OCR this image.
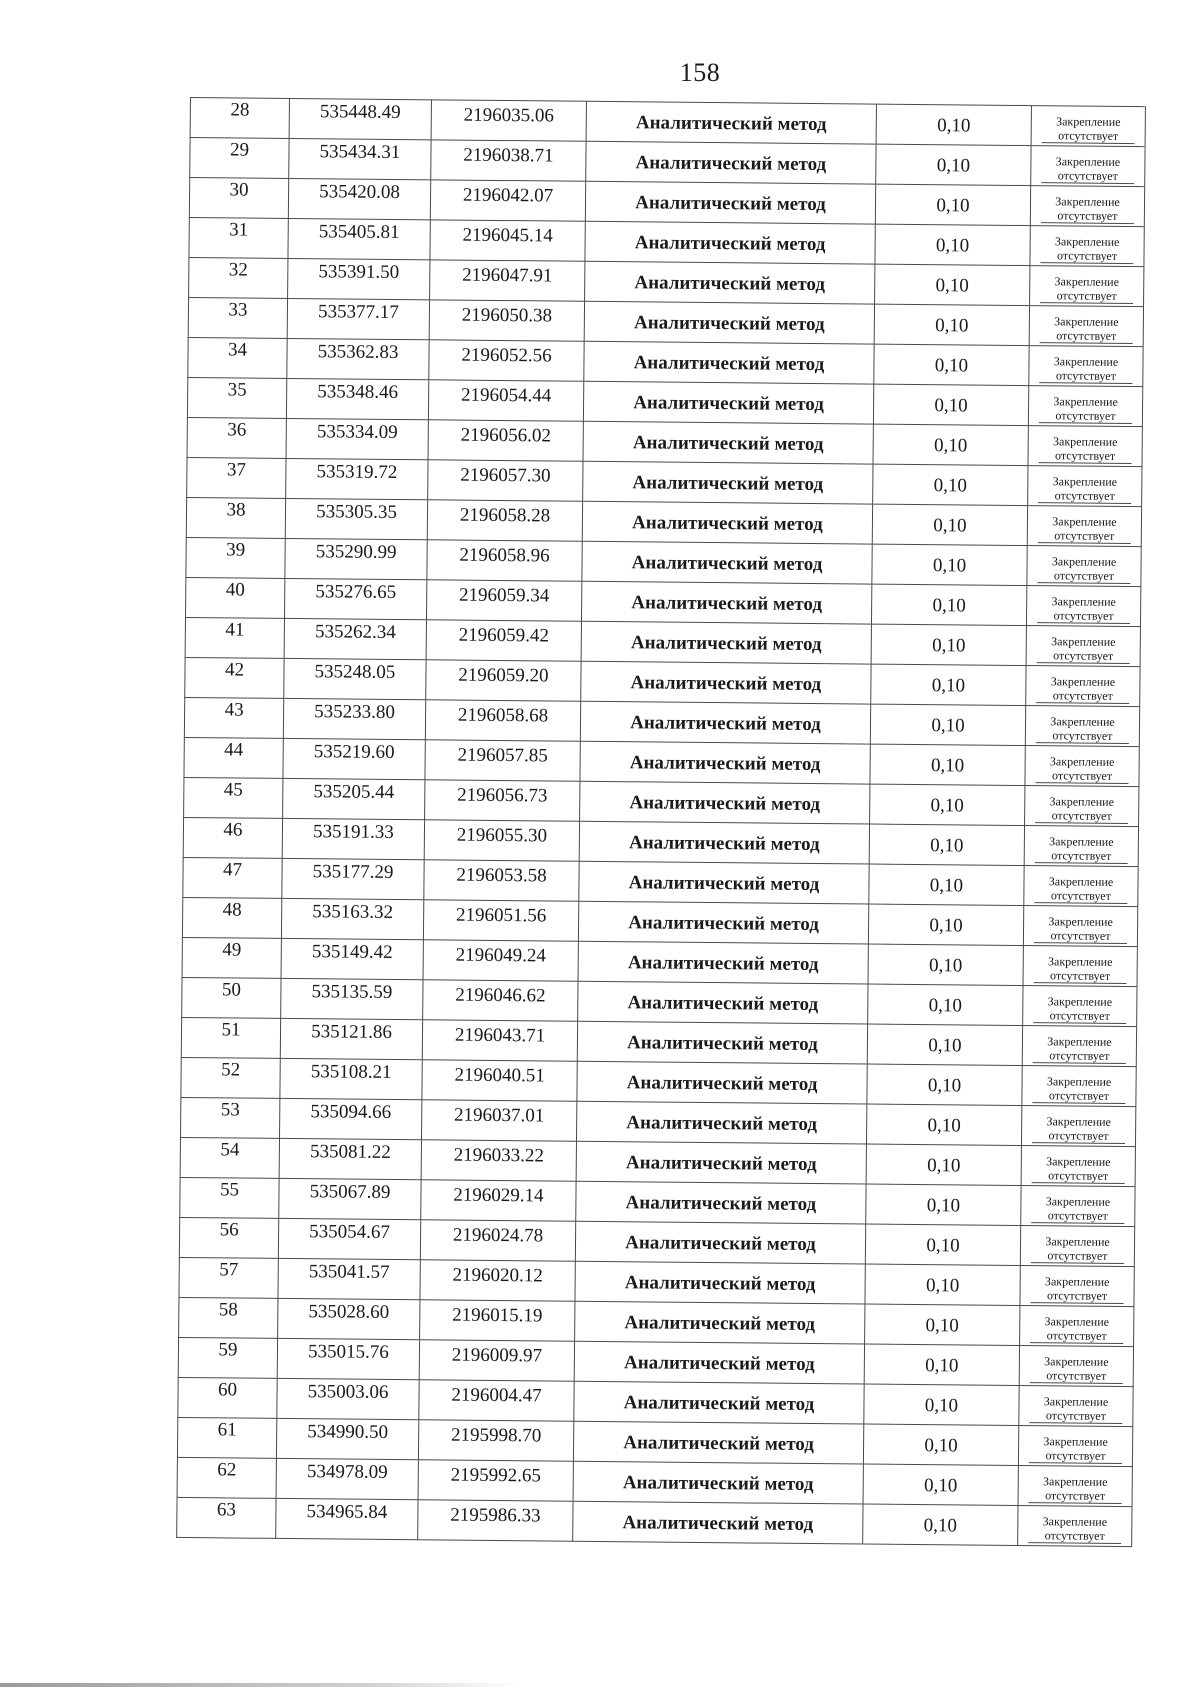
158
28	535448.49	2196035.06	Аналитический метод	0,10	Закрепление
отсутствует

29	535434.31	2196038.71	Аналитический метод	0,10	Закрепление
отсутствует

30	535420.08	2196042.07	Аналитический метод	0,10	Закрепление
отсутствует

31	535405.81	2196045.14	Аналитический метод	0,10	Закрепление
отсутствует

32	535391.50	2196047.91	Аналитический метод	0,10	Закрепление
отсутствует

33	535377.17	2196050.38	Аналитический метод	0,10	Закрепление
отсутствует

34	535362.83	2196052.56	Аналитический метод	0,10	Закрепление
отсутствует

35	535348.46	2196054.44	Аналитический метод	0,10	Закрепление
отсутствует

36	535334.09	2196056.02	Аналитический метод	0,10	Закрепление
отсутствует

37	535319.72	2196057.30	Аналитический метод	0,10	Закрепление
отсутствует

38	535305.35	2196058.28	Аналитический метод	0,10	Закрепление
отсутствует

39	535290.99	2196058.96	Аналитический метод	0,10	Закрепление
отсутствует

40	535276.65	2196059.34	Аналитический метод	0,10	Закрепление
отсутствует

41	535262.34	2196059.42	Аналитический метод	0,10	Закрепление
отсутствует

42	535248.05	2196059.20	Аналитический метод	0,10	Закрепление
отсутствует

43	535233.80	2196058.68	Аналитический метод	0,10	Закрепление
отсутствует

44	535219.60	2196057.85	Аналитический метод	0,10	Закрепление
отсутствует

45	535205.44	2196056.73	Аналитический метод	0,10	Закрепление
отсутствует

46	535191.33	2196055.30	Аналитический метод	0,10	Закрепление
отсутствует

47	535177.29	2196053.58	Аналитический метод	0,10	Закрепление
отсутствует

48	535163.32	2196051.56	Аналитический метод	0,10	Закрепление
отсутствует

49	535149.42	2196049.24	Аналитический метод	0,10	Закрепление
отсутствует

50	535135.59	2196046.62	Аналитический метод	0,10	Закрепление
отсутствует

51	535121.86	2196043.71	Аналитический метод	0,10	Закрепление
отсутствует

52	535108.21	2196040.51	Аналитический метод	0,10	Закрепление
отсутствует

53	535094.66	2196037.01	Аналитический метод	0,10	Закрепление
отсутствует

54	535081.22	2196033.22	Аналитический метод	0,10	Закрепление
отсутствует

55	535067.89	2196029.14	Аналитический метод	0,10	Закрепление
отсутствует

56	535054.67	2196024.78	Аналитический метод	0,10	Закрепление
отсутствует

57	535041.57	2196020.12	Аналитический метод	0,10	Закрепление
отсутствует

58	535028.60	2196015.19	Аналитический метод	0,10	Закрепление
отсутствует

59	535015.76	2196009.97	Аналитический метод	0,10	Закрепление
отсутствует

60	535003.06	2196004.47	Аналитический метод	0,10	Закрепление
отсутствует

61	534990.50	2195998.70	Аналитический метод	0,10	Закрепление
отсутствует

62	534978.09	2195992.65	Аналитический метод	0,10	Закрепление
отсутствует

63	534965.84	2195986.33	Аналитический метод	0,10	Закрепление
отсутствует
